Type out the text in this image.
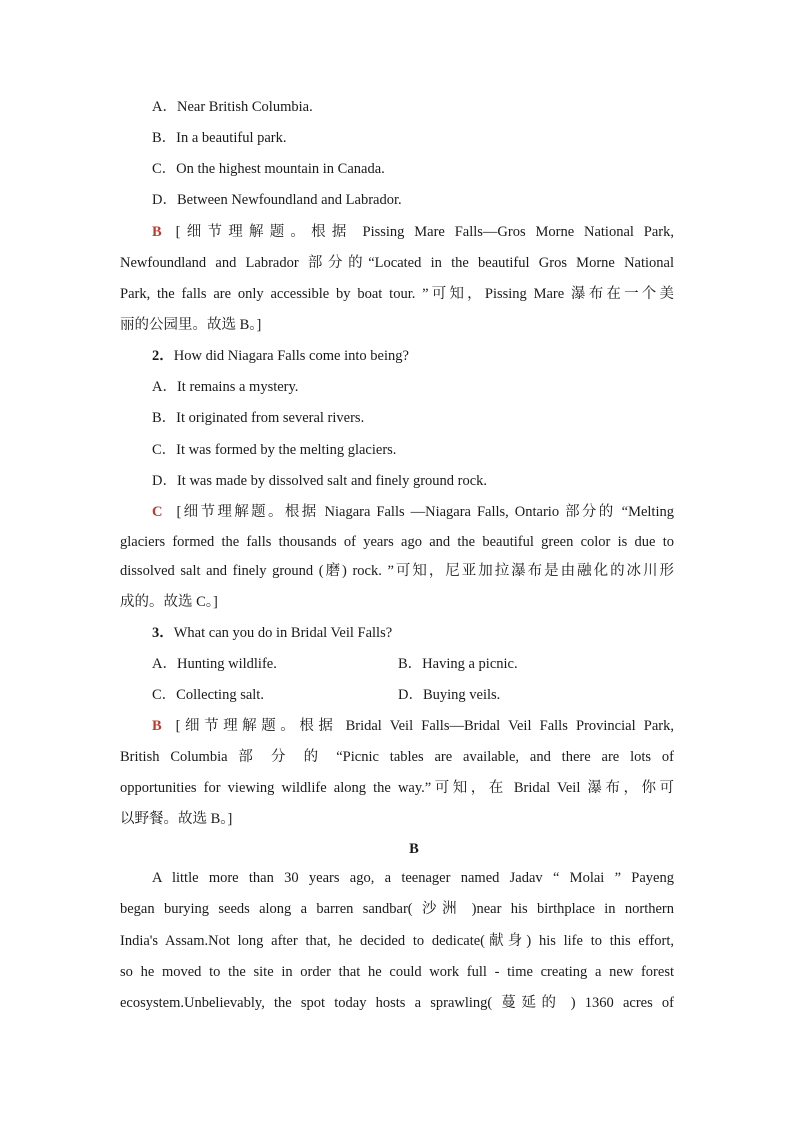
A．Near British Columbia.
B．In a beautiful park.
C．On the highest mountain in Canada.
D．Between Newfoundland and Labrador.
B [细节理解题。根据 Pissing Mare Falls—Gros Morne National Park,
Newfoundland and Labrador 部分的“Located in the beautiful Gros Morne National
Park, the falls are only accessible by boat tour. ”可知，Pissing Mare 瀑布在一个美
丽的公园里。故选 B。]
2．How did Niagara Falls come into being?
A．It remains a mystery.
B．It originated from several rivers.
C．It was formed by the melting glaciers.
D．It was made by dissolved salt and finely ground rock.
C [细节理解题。根据 Niagara Falls —Niagara Falls, Ontario 部分的 “Melting
glaciers formed the falls thousands of years ago and the beautiful green color is due to
dissolved salt and finely ground (磨) rock. ”可知，尼亚加拉瀑布是由融化的冰川形
成的。故选 C。]
3．What can you do in Bridal Veil Falls?
A．Hunting wildlife.	B．Having a picnic.
C．Collecting salt.	D．Buying veils.
B [细节理解题。根据 Bridal Veil Falls—Bridal Veil Falls Provincial Park,
British Columbia 部 分 的 “Picnic tables are available, and there are lots of
opportunities for viewing wildlife along the way.”可知，在 Bridal Veil 瀑布，你可
以野餐。故选 B。]
B
A little more than 30 years ago, a teenager named Jadav “ Molai ” Payeng
began burying seeds along a barren sandbar( 沙洲 )near his birthplace in northern
India's Assam.Not long after that, he decided to dedicate(献身) his life to this effort,
so he moved to the site in order that he could work full - time creating a new forest
ecosystem.Unbelievably, the spot today hosts a sprawling( 蔓延的 ) 1360 acres of
